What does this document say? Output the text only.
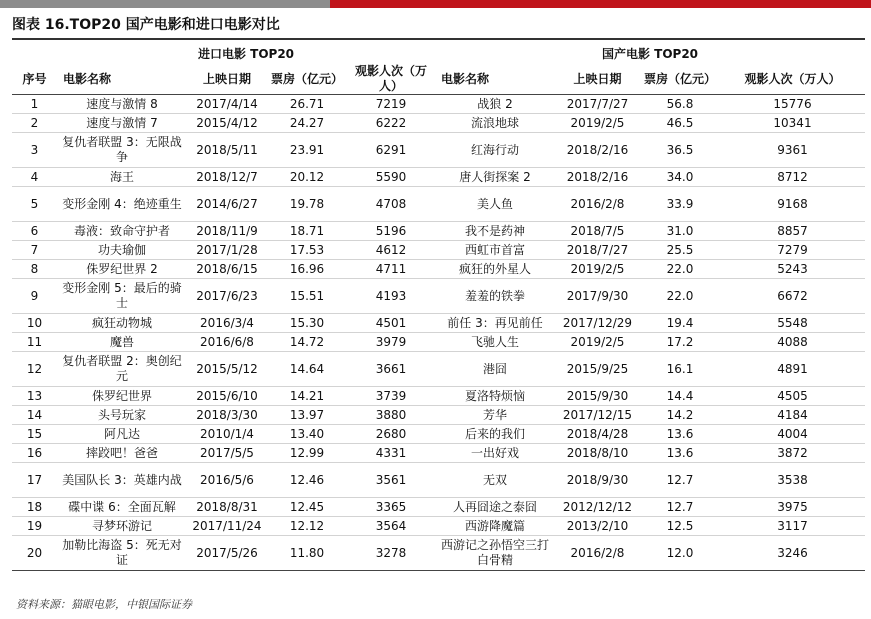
图表 16.TOP20 国产电影和进口电影对比
	进口电影 TOP20				国产电影 TOP20			
序号	电影名称	上映日期	票房（亿元）	观影人次（万人）	电影名称	上映日期	票房（亿元）	观影人次（万人）
1	速度与激情 8	2017/4/14	26.71	7219	战狼 2	2017/7/27	56.8	15776
2	速度与激情 7	2015/4/12	24.27	6222	流浪地球	2019/2/5	46.5	10341
3	复仇者联盟 3：无限战争	2018/5/11	23.91	6291	红海行动	2018/2/16	36.5	9361
4	海王	2018/12/7	20.12	5590	唐人街探案 2	2018/2/16	34.0	8712
5	变形金刚 4：绝迹重生	2014/6/27	19.78	4708	美人鱼	2016/2/8	33.9	9168
6	毒液：致命守护者	2018/11/9	18.71	5196	我不是药神	2018/7/5	31.0	8857
7	功夫瑜伽	2017/1/28	17.53	4612	西虹市首富	2018/7/27	25.5	7279
8	侏罗纪世界 2	2018/6/15	16.96	4711	疯狂的外星人	2019/2/5	22.0	5243
9	变形金刚 5：最后的骑士	2017/6/23	15.51	4193	羞羞的铁拳	2017/9/30	22.0	6672
10	疯狂动物城	2016/3/4	15.30	4501	前任 3：再见前任	2017/12/29	19.4	5548
11	魔兽	2016/6/8	14.72	3979	飞驰人生	2019/2/5	17.2	4088
12	复仇者联盟 2：奥创纪元	2015/5/12	14.64	3661	港囧	2015/9/25	16.1	4891
13	侏罗纪世界	2015/6/10	14.21	3739	夏洛特烦恼	2015/9/30	14.4	4505
14	头号玩家	2018/3/30	13.97	3880	芳华	2017/12/15	14.2	4184
15	阿凡达	2010/1/4	13.40	2680	后来的我们	2018/4/28	13.6	4004
16	摔跤吧！爸爸	2017/5/5	12.99	4331	一出好戏	2018/8/10	13.6	3872
17	美国队长 3：英雄内战	2016/5/6	12.46	3561	无双	2018/9/30	12.7	3538
18	碟中谍 6：全面瓦解	2018/8/31	12.45	3365	人再囧途之泰囧	2012/12/12	12.7	3975
19	寻梦环游记	2017/11/24	12.12	3564	西游降魔篇	2013/2/10	12.5	3117
20	加勒比海盗 5：死无对证	2017/5/26	11.80	3278	西游记之孙悟空三打白骨精	2016/2/8	12.0	3246
资料来源：猫眼电影，中银国际证券
